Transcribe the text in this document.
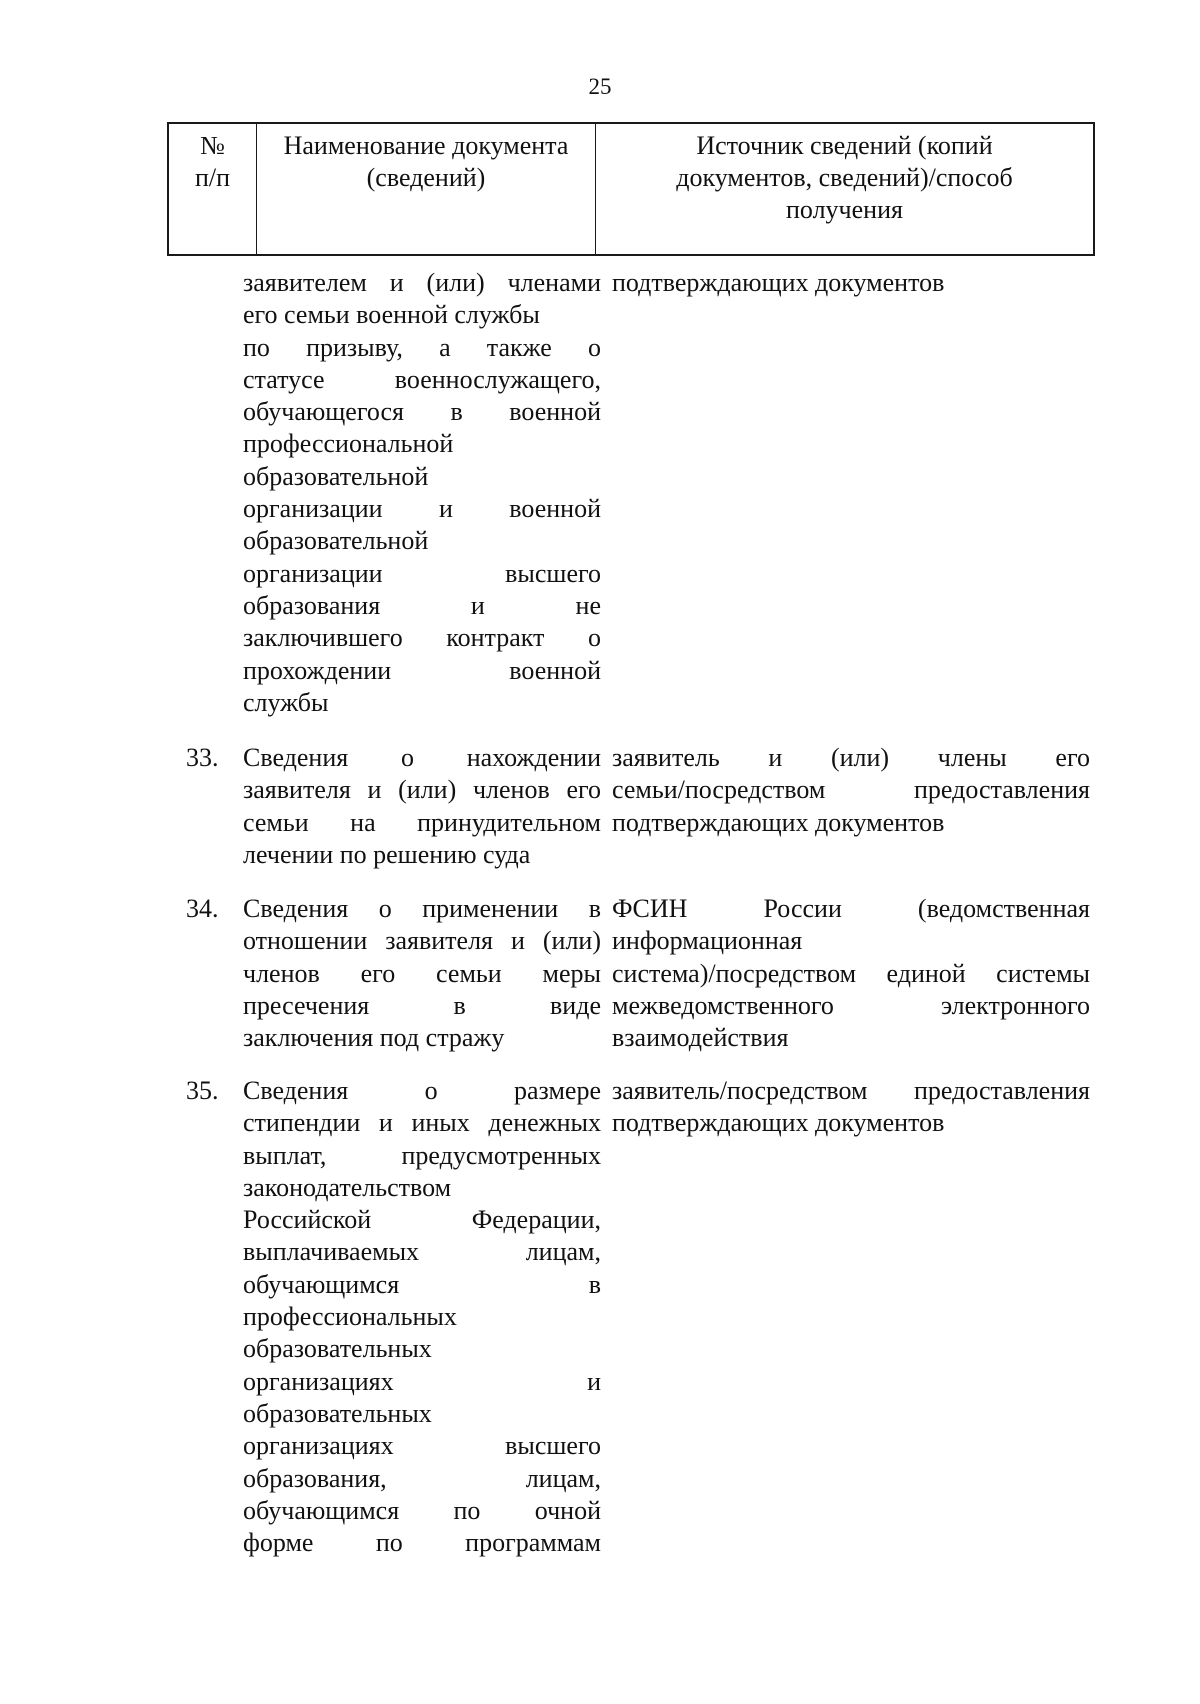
25
№
п/п
Наименование документа
(сведений)
Источник сведений (копий
документов, сведений)/способ
получения
заявителем и (или) членами
его семьи военной службы
по призыву, а также о
статусе военнослужащего,
обучающегося в военной
профессиональной
образовательной
организации и военной
образовательной
организации высшего
образования и не
заключившего контракт о
прохождении военной
службы
подтверждающих документов
33. Сведения о нахождении
заявителя и (или) членов его
семьи на принудительном
лечении по решению суда
заявитель и (или) члены его
семьи/посредством предоставления
подтверждающих документов
34. Сведения о применении в
отношении заявителя и (или)
членов его семьи меры
пресечения в виде
заключения под стражу
ФСИН России (ведомственная
информационная
система)/посредством единой системы
межведомственного электронного
взаимодействия
35. Сведения о размере
стипендии и иных денежных
выплат, предусмотренных
законодательством
Российской Федерации,
выплачиваемых лицам,
обучающимся в
профессиональных
образовательных
организациях и
образовательных
организациях высшего
образования, лицам,
обучающимся по очной
форме по программам
заявитель/посредством предоставления
подтверждающих документов
